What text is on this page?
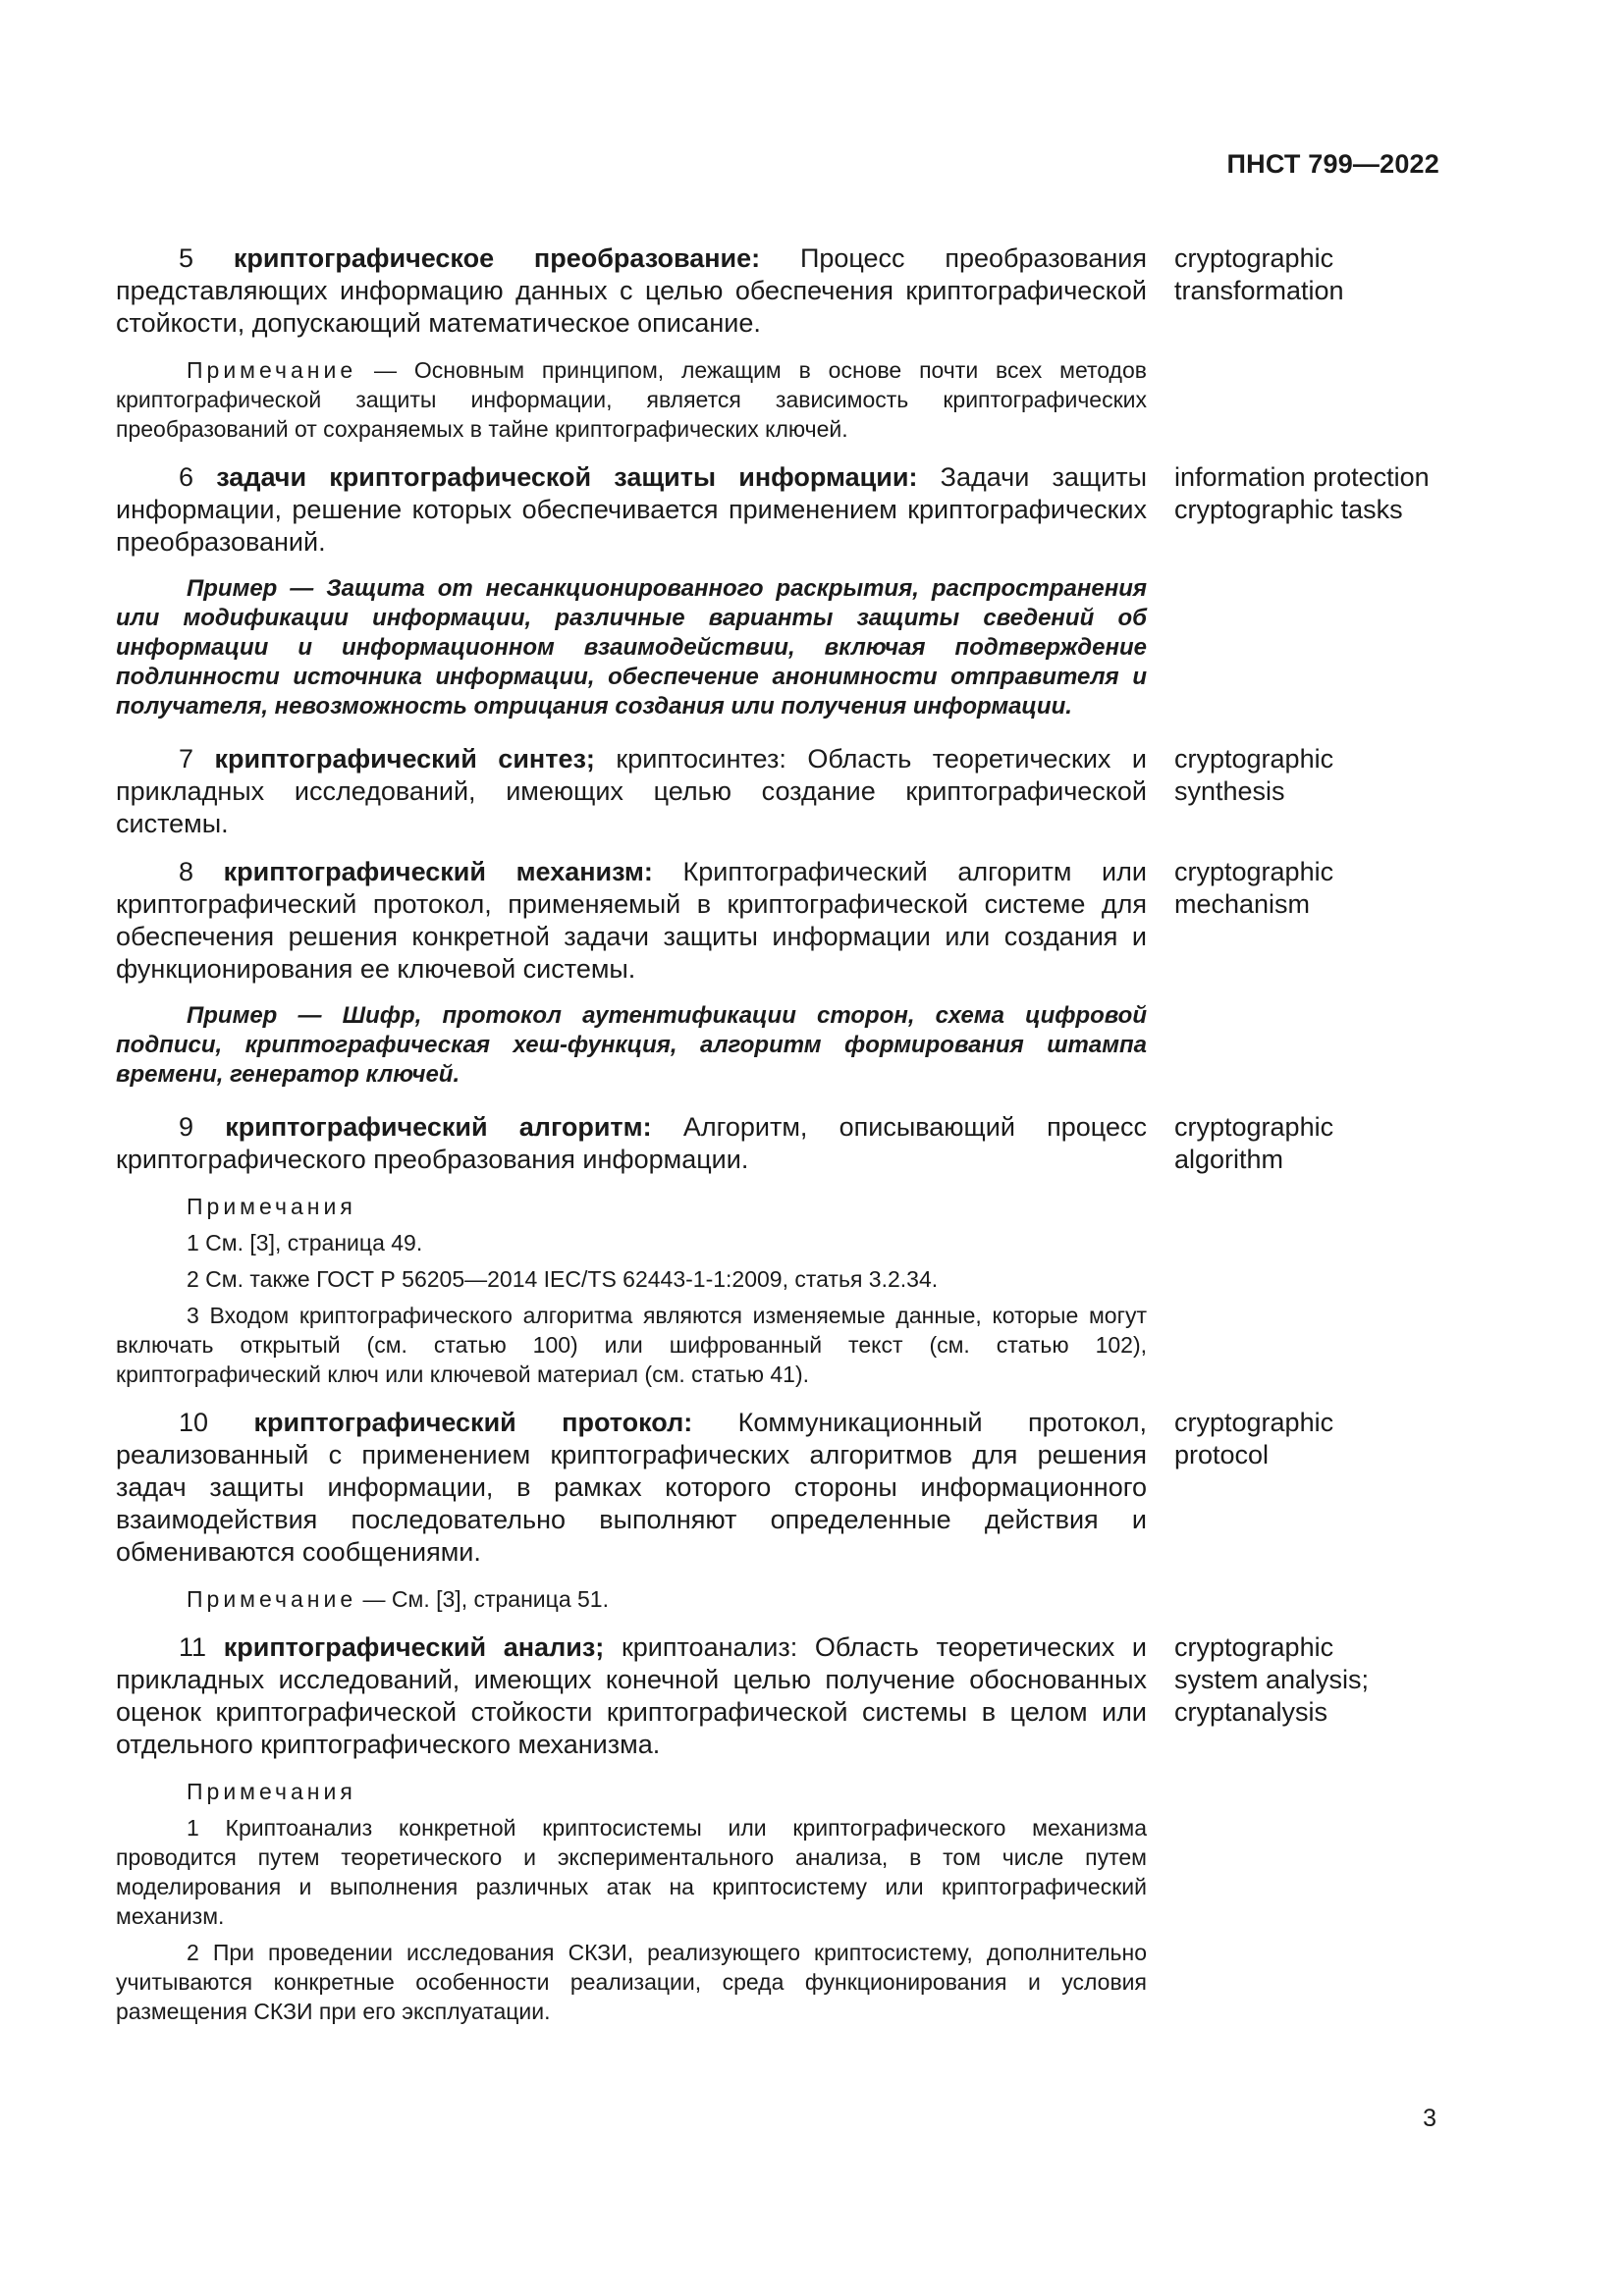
ПНСТ 799—2022

5 криптографическое преобразование: Процесс преобразования представляющих информацию данных с целью обеспечения криптографической стойкости, допускающий математическое описание.

cryptographic
transformation

Примечание — Основным принципом, лежащим в основе почти всех методов криптографической защиты информации, является зависимость криптографических преобразований от сохраняемых в тайне криптографических ключей.

6 задачи криптографической защиты информации: Задачи защиты информации, решение которых обеспечивается применением криптографических преобразований.

information protection
cryptographic tasks

Пример — Защита от несанкционированного раскрытия, распространения или модификации информации, различные варианты защиты сведений об информации и информационном взаимодействии, включая подтверждение подлинности источника информации, обеспечение анонимности отправителя и получателя, невозможность отрицания создания или получения информации.

7 криптографический синтез; криптосинтез: Область теоретических и прикладных исследований, имеющих целью создание криптографической системы.

cryptographic
synthesis

8 криптографический механизм: Криптографический алгоритм или криптографический протокол, применяемый в криптографической системе для обеспечения решения конкретной задачи защиты информации или создания и функционирования ее ключевой системы.

cryptographic
mechanism

Пример — Шифр, протокол аутентификации сторон, схема цифровой подписи, криптографическая хеш-функция, алгоритм формирования штампа времени, генератор ключей.

9 криптографический алгоритм: Алгоритм, описывающий процесс криптографического преобразования информации.

cryptographic
algorithm

Примечания

1 См. [3], страница 49.

2 См. также ГОСТ Р 56205—2014 IEC/TS 62443-1-1:2009, статья 3.2.34.

3 Входом криптографического алгоритма являются изменяемые данные, которые могут включать открытый (см. статью 100) или шифрованный текст (см. статью 102), криптографический ключ или ключевой материал (см. статью 41).

10 криптографический протокол: Коммуникационный протокол, реализованный с применением криптографических алгоритмов для решения задач защиты информации, в рамках которого стороны информационного взаимодействия последовательно выполняют определенные действия и обмениваются сообщениями.

cryptographic
protocol

Примечание — См. [3], страница 51.

11 криптографический анализ; криптоанализ: Область теоретических и прикладных исследований, имеющих конечной целью получение обоснованных оценок криптографической стойкости криптографической системы в целом или отдельного криптографического механизма.

cryptographic
system analysis;
cryptanalysis

Примечания

1 Криптоанализ конкретной криптосистемы или криптографического механизма проводится путем теоретического и экспериментального анализа, в том числе путем моделирования и выполнения различных атак на криптосистему или криптографический механизм.

2 При проведении исследования СКЗИ, реализующего криптосистему, дополнительно учитываются конкретные особенности реализации, среда функционирования и условия размещения СКЗИ при его эксплуатации.

3
